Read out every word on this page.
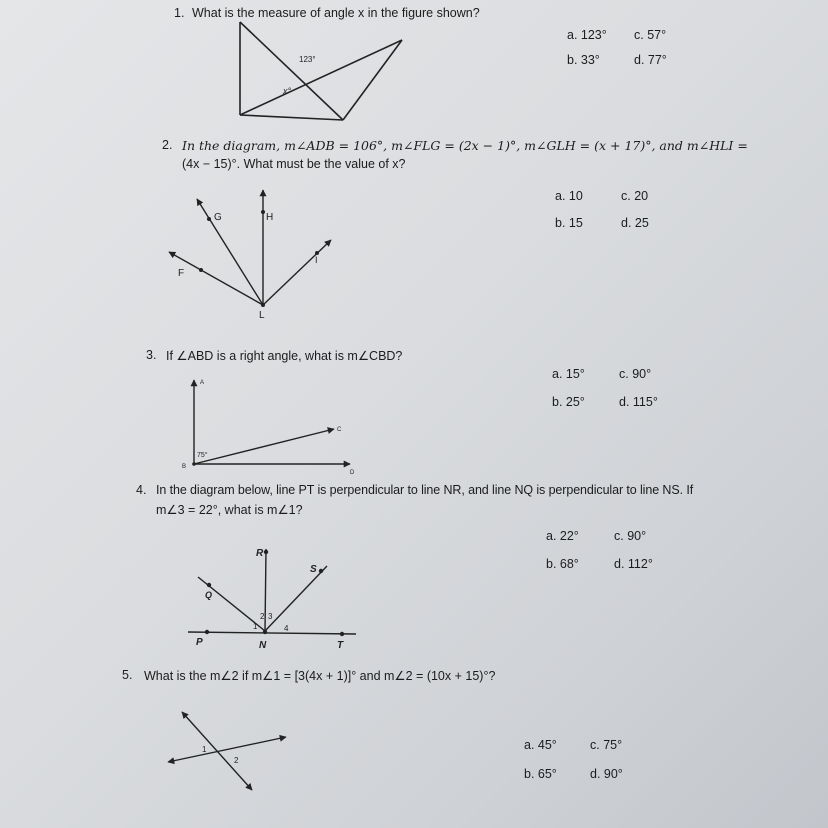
1. What is the measure of angle x in the figure shown?
a. 123° c. 57°
b. 33°	d. 77°
2. In the diagram, m∠ADB = 106°, m∠FLG = (2x − 1)°, m∠GLH = (x + 17)°, and m∠HLI =
(4x − 15)°. What must be the value of x?
a. 10	c. 20
b. 15	d. 25
3. If ∠ABD is a right angle, what is m∠CBD?
a. 15°	c. 90°
b. 25°	d. 115°
4. In the diagram below, line PT is perpendicular to line NR, and line NQ is perpendicular to line NS. If
m∠3 = 22°, what is m∠1?
a. 22°	c. 90°
b. 68°	d. 112°
5. What is the m∠2 if m∠1 = [3(4x + 1)]° and m∠2 = (10x + 15)°?
a. 45°	c. 75°
b. 65°	d. 90°
123°
x°
G	H
F
I
L
A
B
C
D
75°
R
S
Q
P	N	T
1
2 3
4
1
2
